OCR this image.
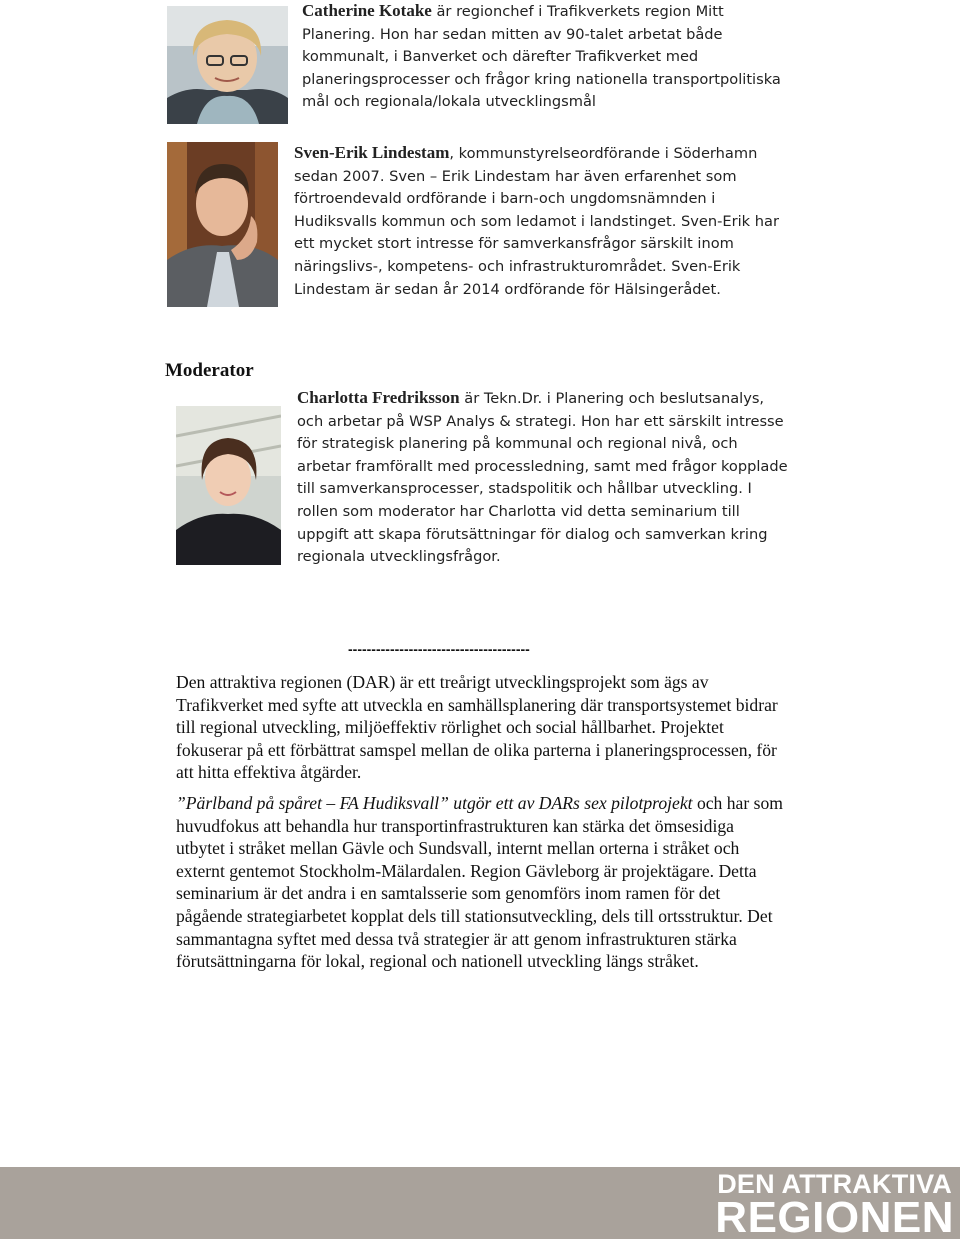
Catherine Kotake är regionchef i Trafikverkets region Mitt
Planering. Hon har sedan mitten av 90-talet arbetat både
kommunalt, i Banverket och därefter Trafikverket med
planeringsprocesser och frågor kring nationella transportpolitiska
mål och regionala/lokala utvecklingsmål
Sven-Erik Lindestam, kommunstyrelseordförande i Söderhamn
sedan 2007. Sven – Erik Lindestam har även erfarenhet som
förtroendevald ordförande i barn-och ungdomsnämnden i
Hudiksvalls kommun och som ledamot i landstinget. Sven-Erik har
ett mycket stort intresse för samverkansfrågor särskilt inom
näringslivs-, kompetens- och infrastrukturområdet. Sven-Erik
Lindestam är sedan år 2014 ordförande för Hälsingerådet.
Moderator
Charlotta Fredriksson är Tekn.Dr. i Planering och beslutsanalys,
och arbetar på WSP Analys & strategi. Hon har ett särskilt intresse
för strategisk planering på kommunal och regional nivå, och
arbetar framförallt med processledning, samt med frågor kopplade
till samverkansprocesser, stadspolitik och hållbar utveckling. I
rollen som moderator har Charlotta vid detta seminarium till
uppgift att skapa förutsättningar för dialog och samverkan kring
regionala utvecklingsfrågor.
---------------------------------------

Den attraktiva regionen (DAR) är ett treårigt utvecklingsprojekt som ägs av

Trafikverket med syfte att utveckla en samhällsplanering där transportsystemet bidrar

till regional utveckling, miljöeffektiv rörlighet och social hållbarhet. Projektet

fokuserar på ett förbättrat samspel mellan de olika parterna i planeringsprocessen, för

att hitta effektiva åtgärder.

”Pärlband på spåret – FA Hudiksvall” utgör ett av DARs sex pilotprojekt och har som

huvudfokus att behandla hur transportinfrastrukturen kan stärka det ömsesidiga

utbytet i stråket mellan Gävle och Sundsvall, internt mellan orterna i stråket och

externt gentemot Stockholm-Mälardalen. Region Gävleborg är projektägare. Detta

seminarium är det andra i en samtalsserie som genomförs inom ramen för det

pågående strategiarbetet kopplat dels till stationsutveckling, dels till ortsstruktur. Det

sammantagna syftet med dessa två strategier är att genom infrastrukturen stärka

förutsättningarna för lokal, regional och nationell utveckling längs stråket.

DEN ATTRAKTIVA
REGIONEN
